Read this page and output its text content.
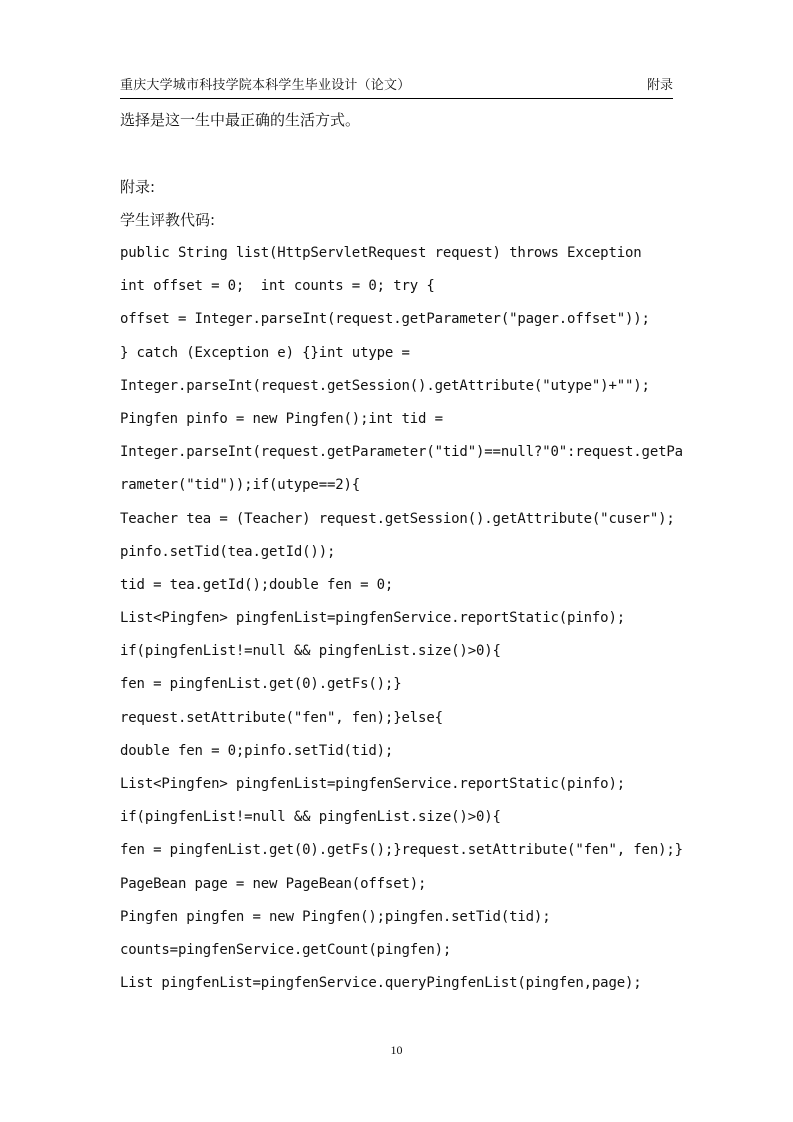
重庆大学城市科技学院本科学生毕业设计（论文）	附录
选择是这一生中最正确的生活方式。
附录:
学生评教代码:
public String list(HttpServletRequest request) throws Exception
int offset = 0;  int counts = 0; try {
offset = Integer.parseInt(request.getParameter("pager.offset"));
} catch (Exception e) {}int utype =
Integer.parseInt(request.getSession().getAttribute("utype")+"");
Pingfen pinfo = new Pingfen();int tid =
Integer.parseInt(request.getParameter("tid")==null?"0":request.getPa
rameter("tid"));if(utype==2){
Teacher tea = (Teacher) request.getSession().getAttribute("cuser");
pinfo.setTid(tea.getId());
tid = tea.getId();double fen = 0;
List<Pingfen> pingfenList=pingfenService.reportStatic(pinfo);
if(pingfenList!=null && pingfenList.size()>0){
fen = pingfenList.get(0).getFs();}
request.setAttribute("fen", fen);}else{
double fen = 0;pinfo.setTid(tid);
List<Pingfen> pingfenList=pingfenService.reportStatic(pinfo);
if(pingfenList!=null && pingfenList.size()>0){
fen = pingfenList.get(0).getFs();}request.setAttribute("fen", fen);}
PageBean page = new PageBean(offset);
Pingfen pingfen = new Pingfen();pingfen.setTid(tid);
counts=pingfenService.getCount(pingfen);
List pingfenList=pingfenService.queryPingfenList(pingfen,page);
10
